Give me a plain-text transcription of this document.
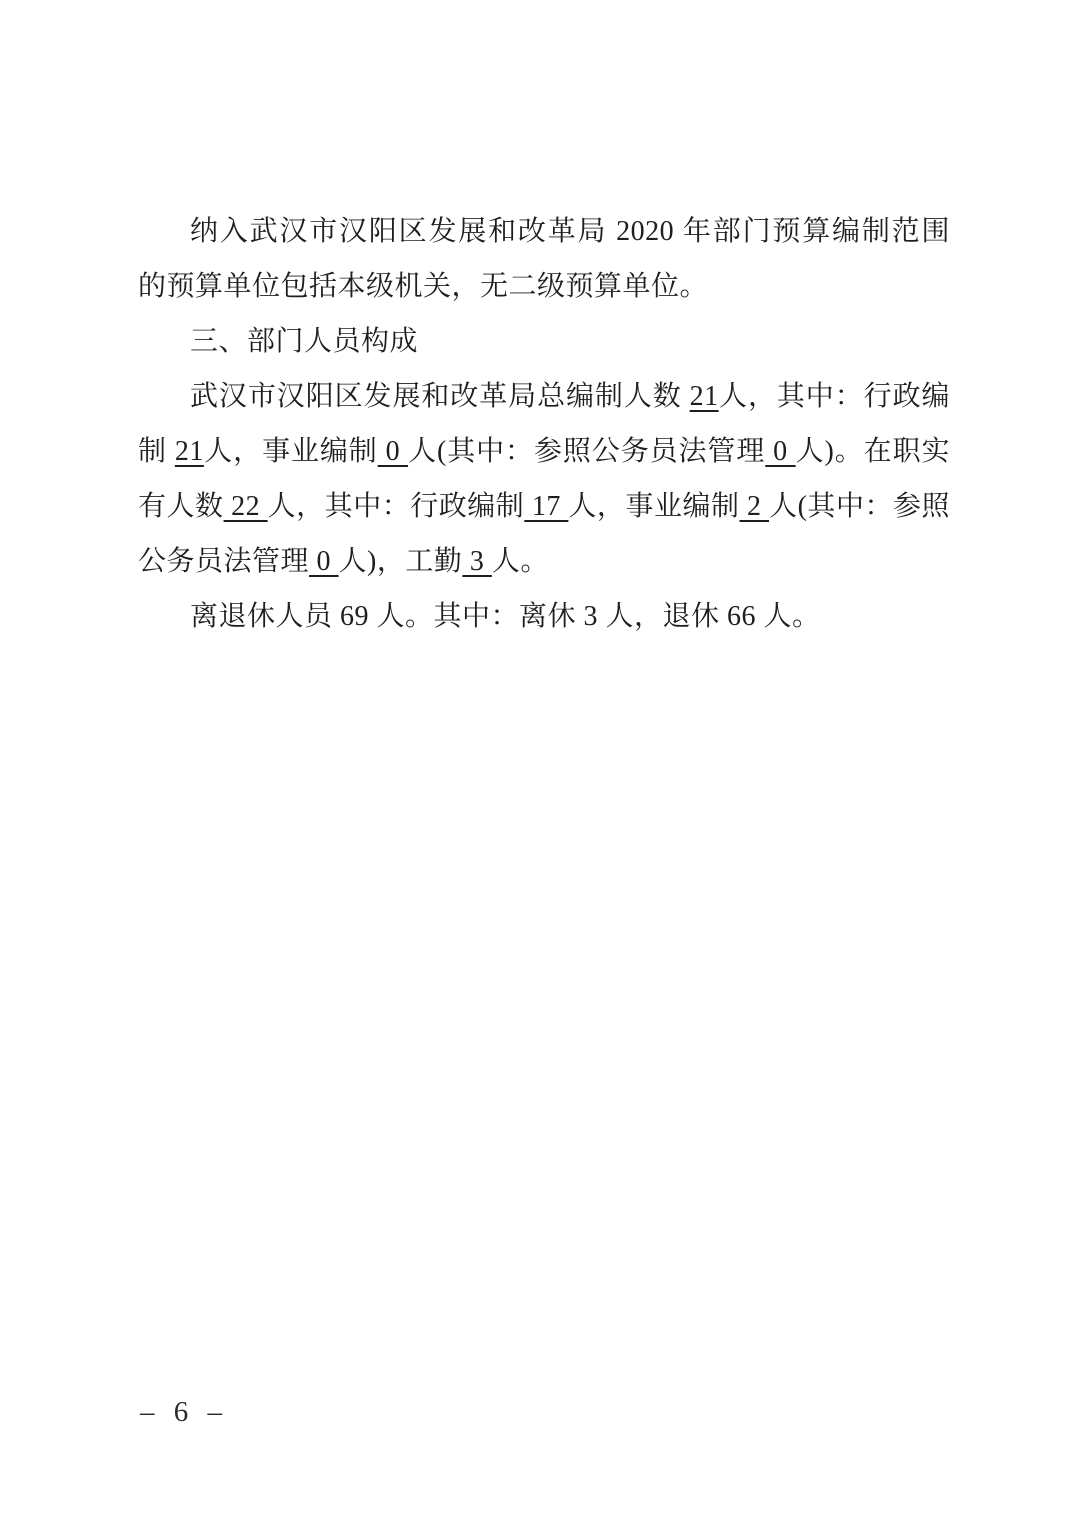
纳入武汉市汉阳区发展和改革局 2020 年部门预算编制范围
的预算单位包括本级机关，无二级预算单位。
三、部门人员构成
武汉市汉阳区发展和改革局总编制人数 21人，其中：行政编
制 21人，事业编制 0 人(其中：参照公务员法管理 0 人)。在职实
有人数 22 人，其中：行政编制 17 人，事业编制 2 人(其中：参照
公务员法管理 0 人)，工勤 3 人。
离退休人员 69 人。其中：离休 3 人，退休 66 人。
– 6 –
